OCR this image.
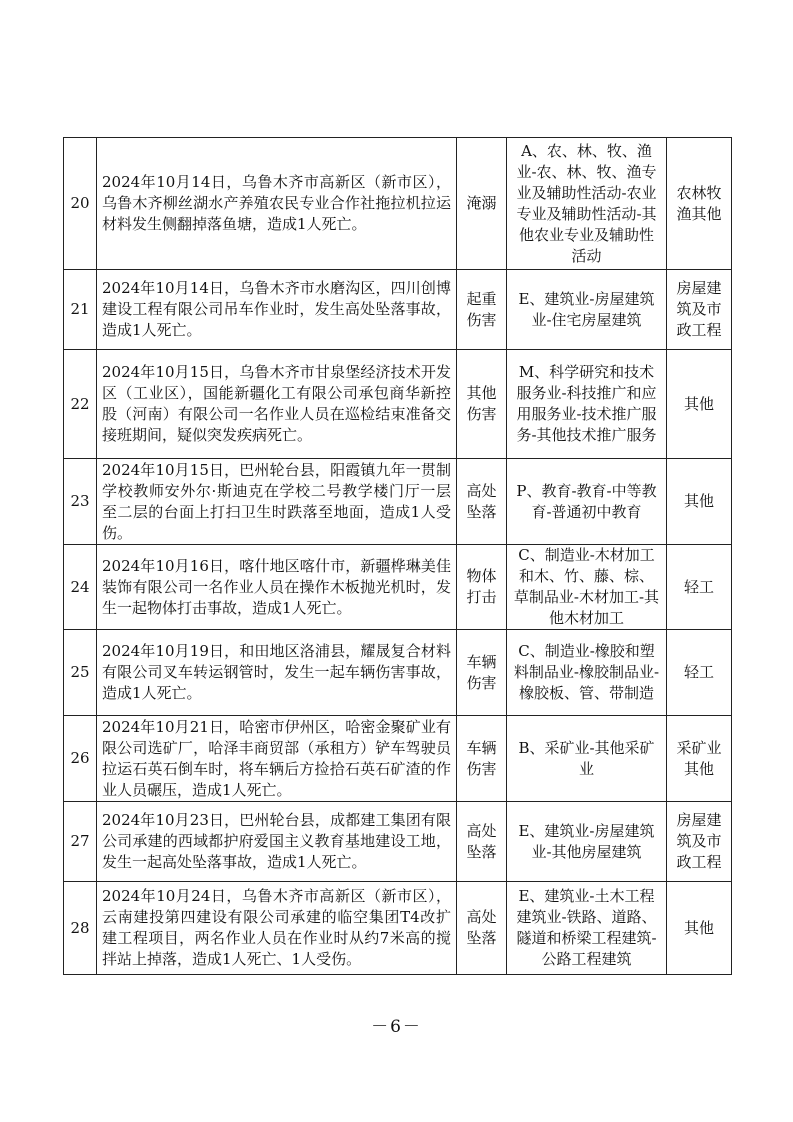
20	2024年10月14日，乌鲁木齐市高新区（新市区），乌鲁木齐柳丝湖水产养殖农民专业合作社拖拉机拉运材料发生侧翻掉落鱼塘，造成1人死亡。	淹溺	A、农、林、牧、渔业-农、林、牧、渔专业及辅助性活动-农业专业及辅助性活动-其他农业专业及辅助性活动	农林牧渔其他
21	2024年10月14日，乌鲁木齐市水磨沟区，四川创博建设工程有限公司吊车作业时，发生高处坠落事故，造成1人死亡。	起重伤害	E、建筑业-房屋建筑业-住宅房屋建筑	房屋建筑及市政工程
22	2024年10月15日，乌鲁木齐市甘泉堡经济技术开发区（工业区），国能新疆化工有限公司承包商华新控股（河南）有限公司一名作业人员在巡检结束准备交接班期间，疑似突发疾病死亡。	其他伤害	M、科学研究和技术服务业-科技推广和应用服务业-技术推广服务-其他技术推广服务	其他
23	2024年10月15日，巴州轮台县，阳霞镇九年一贯制学校教师安外尔·斯迪克在学校二号教学楼门厅一层至二层的台面上打扫卫生时跌落至地面，造成1人受伤。	高处坠落	P、教育-教育-中等教育-普通初中教育	其他
24	2024年10月16日，喀什地区喀什市，新疆桦琳美佳装饰有限公司一名作业人员在操作木板抛光机时，发生一起物体打击事故，造成1人死亡。	物体打击	C、制造业-木材加工和木、竹、藤、棕、草制品业-木材加工-其他木材加工	轻工
25	2024年10月19日，和田地区洛浦县，耀晟复合材料有限公司叉车转运钢管时，发生一起车辆伤害事故，造成1人死亡。	车辆伤害	C、制造业-橡胶和塑料制品业-橡胶制品业-橡胶板、管、带制造	轻工
26	2024年10月21日，哈密市伊州区，哈密金聚矿业有限公司选矿厂，哈泽丰商贸部（承租方）铲车驾驶员拉运石英石倒车时，将车辆后方捡拾石英石矿渣的作业人员碾压，造成1人死亡。	车辆伤害	B、采矿业-其他采矿业	采矿业其他
27	2024年10月23日，巴州轮台县，成都建工集团有限公司承建的西域都护府爱国主义教育基地建设工地，发生一起高处坠落事故，造成1人死亡。	高处坠落	E、建筑业-房屋建筑业-其他房屋建筑	房屋建筑及市政工程
28	2024年10月24日，乌鲁木齐市高新区（新市区），云南建投第四建设有限公司承建的临空集团T4改扩建工程项目，两名作业人员在作业时从约7米高的搅拌站上掉落，造成1人死亡、1人受伤。	高处坠落	E、建筑业-土木工程建筑业-铁路、道路、隧道和桥梁工程建筑-公路工程建筑	其他
－6－
